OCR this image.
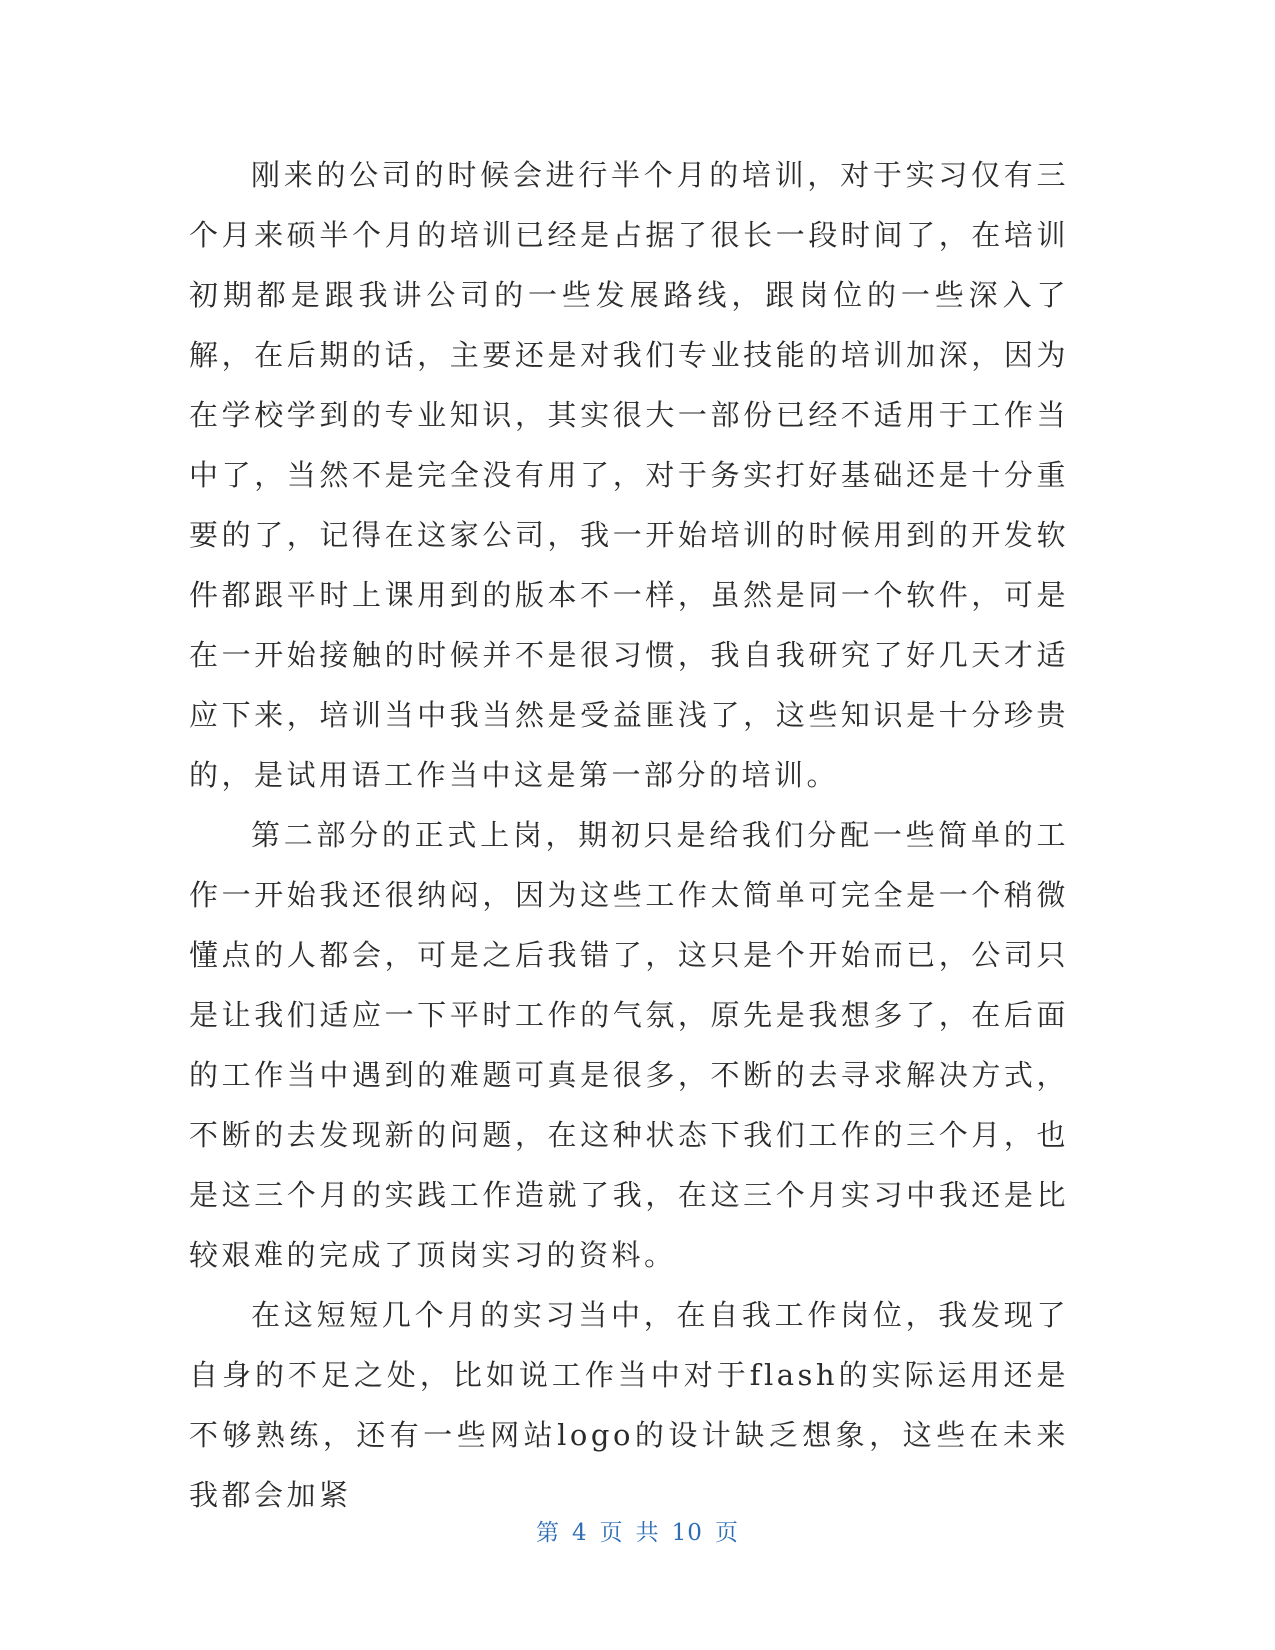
刚来的公司的时候会进行半个月的培训，对于实习仅有三个月来硕半个月的培训已经是占据了很长一段时间了，在培训初期都是跟我讲公司的一些发展路线，跟岗位的一些深入了解，在后期的话，主要还是对我们专业技能的培训加深，因为在学校学到的专业知识，其实很大一部份已经不适用于工作当中了，当然不是完全没有用了，对于务实打好基础还是十分重要的了，记得在这家公司，我一开始培训的时候用到的开发软件都跟平时上课用到的版本不一样，虽然是同一个软件，可是在一开始接触的时候并不是很习惯，我自我研究了好几天才适应下来，培训当中我当然是受益匪浅了，这些知识是十分珍贵的，是试用语工作当中这是第一部分的培训。

第二部分的正式上岗，期初只是给我们分配一些简单的工作一开始我还很纳闷，因为这些工作太简单可完全是一个稍微懂点的人都会，可是之后我错了，这只是个开始而已，公司只是让我们适应一下平时工作的气氛，原先是我想多了，在后面的工作当中遇到的难题可真是很多，不断的去寻求解决方式，不断的去发现新的问题，在这种状态下我们工作的三个月，也是这三个月的实践工作造就了我，在这三个月实习中我还是比较艰难的完成了顶岗实习的资料。

在这短短几个月的实习当中，在自我工作岗位，我发现了自身的不足之处，比如说工作当中对于flash的实际运用还是不够熟练，还有一些网站logo的设计缺乏想象，这些在未来我都会加紧

第 4 页 共 10 页
